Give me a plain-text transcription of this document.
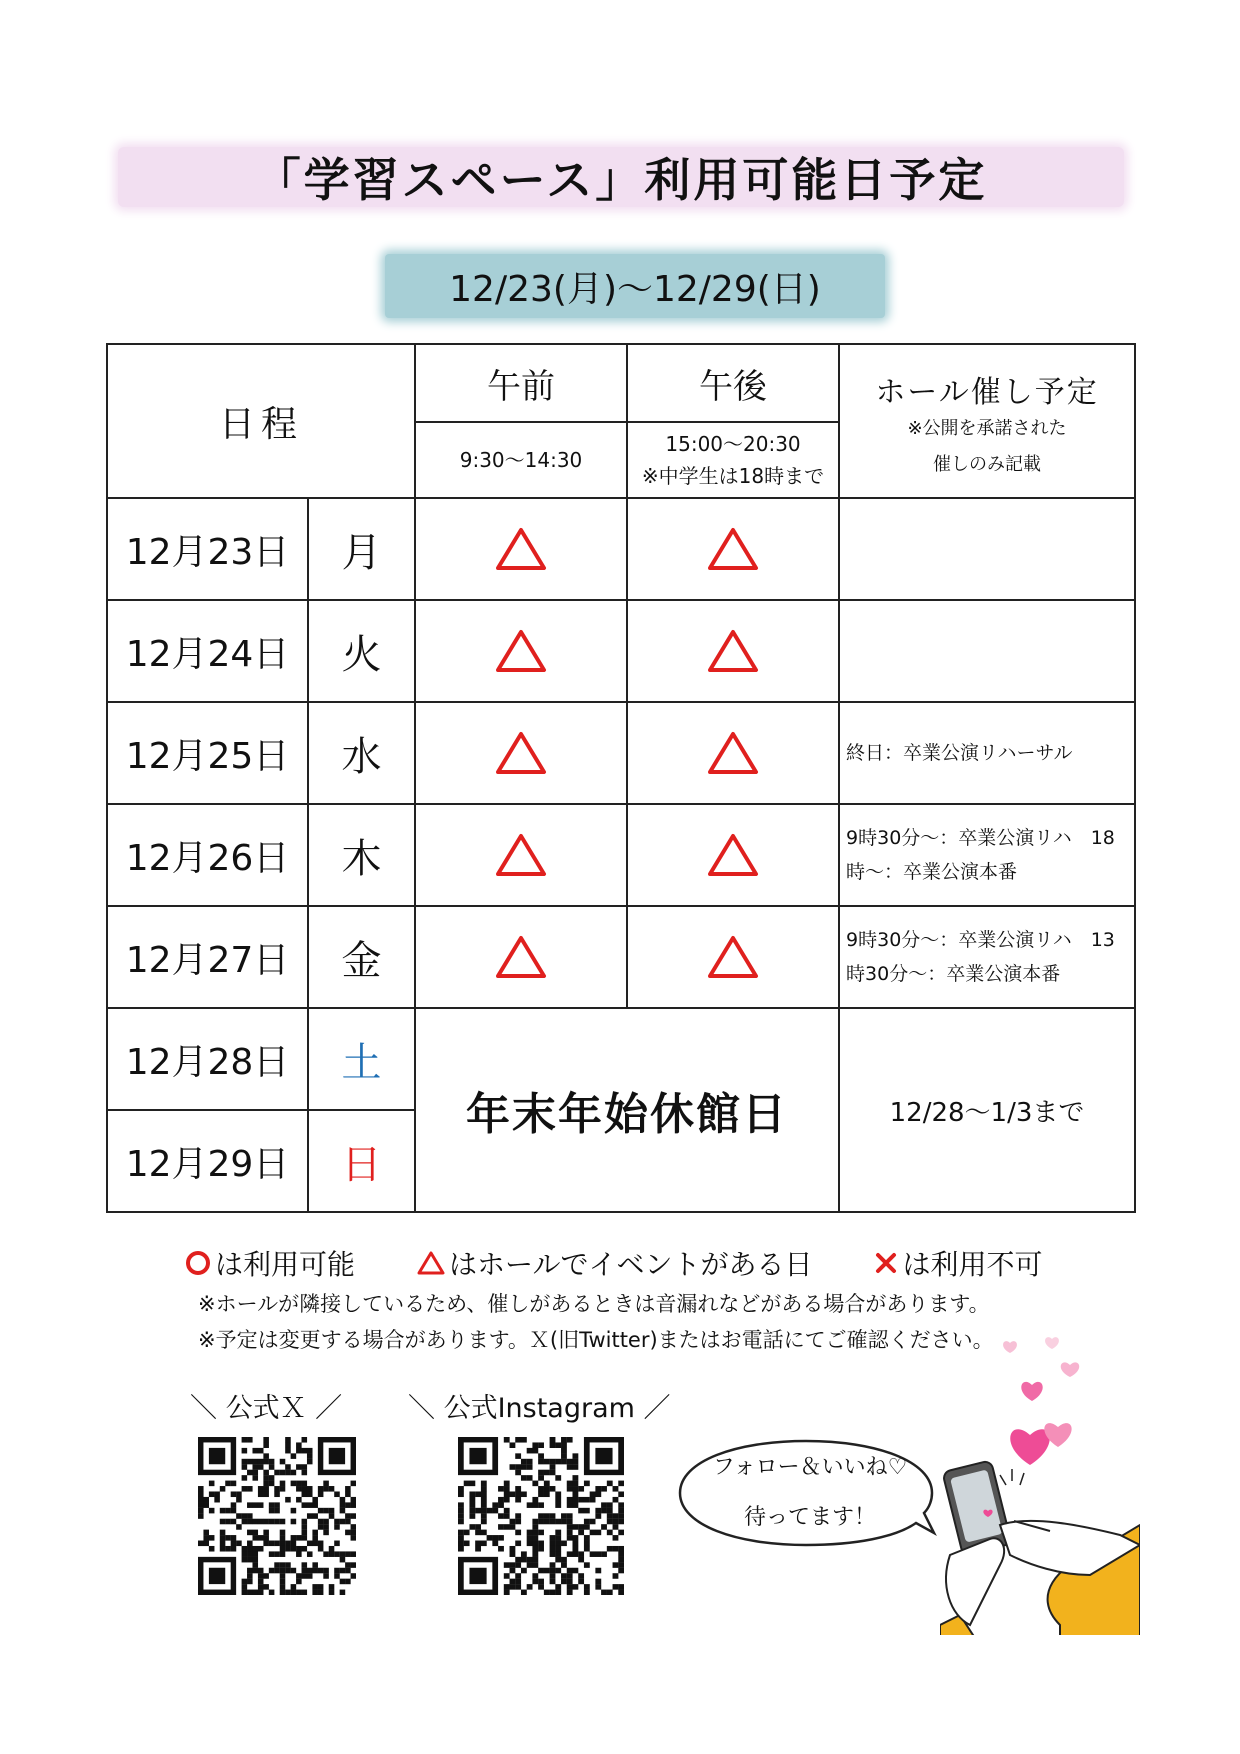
「学習スペース」利用可能日予定
12/23(月)〜12/29(日)
日程		午前	午後	ホール催し予定
※公開を承諾された
催しのみ記載

		9:30〜14:30	15:00〜20:30
※中学生は18時まで	

12月23日	月	

12月24日	火	

12月25日	水			終日：卒業公演リハーサル

12月26日	木			9時30分〜：卒業公演リハ　18
時〜：卒業公演本番

12月27日	金			9時30分〜：卒業公演リハ　13
時30分〜：卒業公演本番

12月28日	土	年末年始休館日		12/28〜1/3まで
12月29日	日			
は利用可能	はホールでイベントがある日	は利用不可
※ホールが隣接しているため、催しがあるときは音漏れなどがある場合があります。
※予定は変更する場合があります。Ｘ(旧Twitter)またはお電話にてご確認ください。
＼ 公式Ｘ ／ ＼ 公式Instagram ／
フォロー＆いいね♡
待ってます！
